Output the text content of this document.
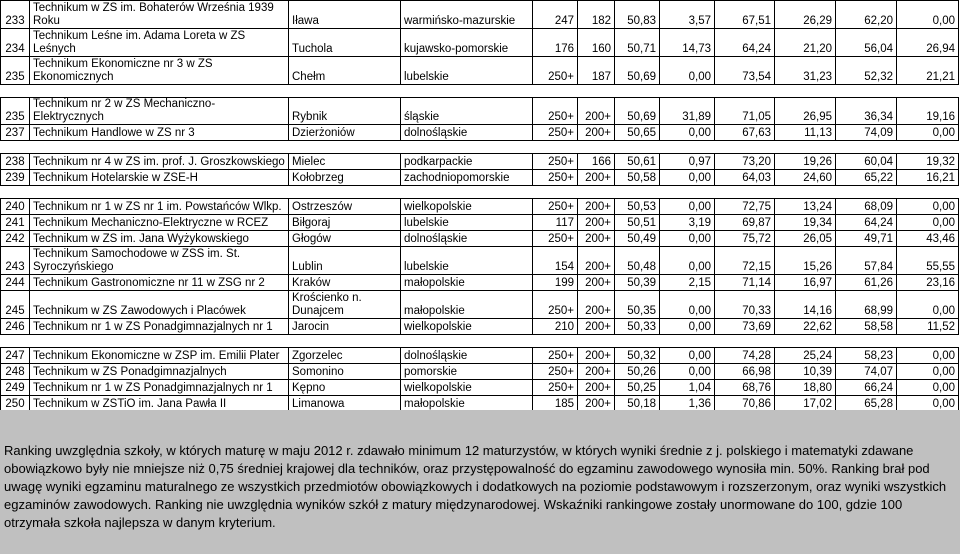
233	Technikum w ZS im. Bohaterów Września 1939 Roku	Iława	warmińsko-mazurskie	247	182	50,83	3,57	67,51	26,29	62,20	0,00
234	Technikum Leśne im. Adama Loreta w ZS Leśnych	Tuchola	kujawsko-pomorskie	176	160	50,71	14,73	64,24	21,20	56,04	26,94
235	Technikum Ekonomiczne nr 3 w ZS Ekonomicznych	Chełm	lubelskie	250+	187	50,69	0,00	73,54	31,23	52,32	21,21

235	Technikum nr 2 w ZS Mechaniczno-Elektrycznych	Rybnik	śląskie	250+	200+	50,69	31,89	71,05	26,95	36,34	19,16
237	Technikum Handlowe w ZS nr 3	Dzierżoniów	dolnośląskie	250+	200+	50,65	0,00	67,63	11,13	74,09	0,00

238	Technikum nr 4 w ZS im. prof. J. Groszkowskiego	Mielec	podkarpackie	250+	166	50,61	0,97	73,20	19,26	60,04	19,32
239	Technikum Hotelarskie w ZSE-H	Kołobrzeg	zachodniopomorskie	250+	200+	50,58	0,00	64,03	24,60	65,22	16,21

240	Technikum nr 1 w ZS nr 1 im. Powstańców Wlkp.	Ostrzeszów	wielkopolskie	250+	200+	50,53	0,00	72,75	13,24	68,09	0,00
241	Technikum Mechaniczno-Elektryczne w RCEZ	Biłgoraj	lubelskie	117	200+	50,51	3,19	69,87	19,34	64,24	0,00
242	Technikum w ZS im. Jana Wyżykowskiego	Głogów	dolnośląskie	250+	200+	50,49	0,00	75,72	26,05	49,71	43,46
243	Technikum Samochodowe w ZSS im. St. Syroczyńskiego	Lublin	lubelskie	154	200+	50,48	0,00	72,15	15,26	57,84	55,55
244	Technikum Gastronomiczne nr 11 w ZSG nr 2	Kraków	małopolskie	199	200+	50,39	2,15	71,14	16,97	61,26	23,16
245	Technikum w ZS Zawodowych i Placówek	Krościenko n. Dunajcem	małopolskie	250+	200+	50,35	0,00	70,33	14,16	68,99	0,00
246	Technikum nr 1 w ZS Ponadgimnazjalnych nr 1	Jarocin	wielkopolskie	210	200+	50,33	0,00	73,69	22,62	58,58	11,52

247	Technikum Ekonomiczne w ZSP im. Emilii Plater	Zgorzelec	dolnośląskie	250+	200+	50,32	0,00	74,28	25,24	58,23	0,00
248	Technikum w ZS Ponadgimnazjalnych	Somonino	pomorskie	250+	200+	50,26	0,00	66,98	10,39	74,07	0,00
249	Technikum nr 1 w ZS Ponadgimnazjalnych nr 1	Kępno	wielkopolskie	250+	200+	50,25	1,04	68,76	18,80	66,24	0,00
250	Technikum w ZSTiO im. Jana Pawła II	Limanowa	małopolskie	185	200+	50,18	1,36	70,86	17,02	65,28	0,00
Ranking uwzględnia szkoły, w których maturę w maju 2012 r. zdawało minimum 12 maturzystów, w których wyniki średnie z j. polskiego i matematyki zdawane obowiązkowo były nie mniejsze niż 0,75 średniej krajowej dla techników, oraz przystępowalność do egzaminu zawodowego wynosiła min. 50%. Ranking brał pod uwagę wyniki egzaminu maturalnego ze wszystkich przedmiotów obowiązkowych i dodatkowych na poziomie podstawowym i rozszerzonym, oraz wyniki wszystkich egzaminów zawodowych. Ranking nie uwzględnia wyników szkół z matury międzynarodowej. Wskaźniki rankingowe zostały unormowane do 100, gdzie 100 otrzymała szkoła najlepsza w danym kryterium.
